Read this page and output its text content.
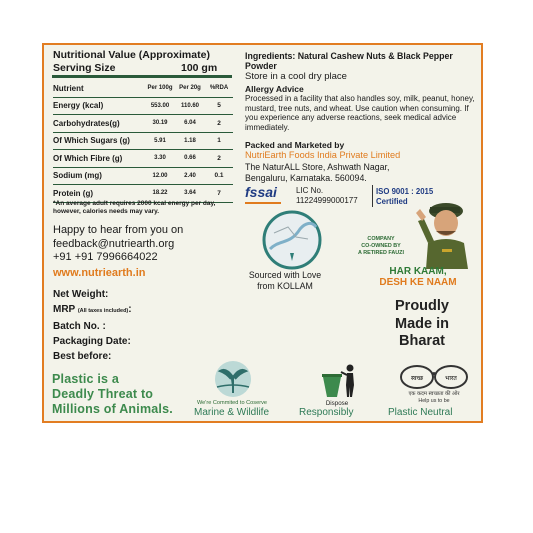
Nutritional Value (Approximate)
Serving Size	100 gm
Nutrient	Per 100g	Per 20g	%RDA
Energy (kcal)	553.00	110.60	5
Carbohydrates(g)	30.19	6.04	2
Of Which Sugars (g)	5.91	1.18	1
Of Which Fibre (g)	3.30	0.66	2
Sodium (mg)	12.00	2.40	0.1
Protein (g)	18.22	3.64	7
*An average adult requires 2000 kcal energy per day, however, calories needs may vary.
Happy to hear from you on
feedback@nutriearth.org
+91 +91 7996664022
www.nutriearth.in
Net Weight:
MRP (All taxes included):
Batch No. :
Packaging Date:
Best before:
Plastic is a
Deadly Threat to
Millions of Animals.
Ingredients: Natural Cashew Nuts & Black Pepper Powder
Store in a cool dry place
Allergy Advice
Processed in a facility that also handles soy, milk, peanut, honey, mustard, tree nuts, and wheat. Use caution when consuming. If you experience any adverse reactions, seek medical advice immediately.
Packed and Marketed by
NutriEarth Foods India Private Limited
The NaturALL Store, Ashwath Nagar,
Bengaluru, Karnataka. 560094.
fssai LIC No.
11224999000177
ISO 9001 : 2015
Certified
Sourced with Love
from KOLLAM
COMPANY
CO-OWNED BY
A RETIRED FAUZI
HAR KAAM,
DESH KE NAAM
Proudly
Made in
Bharat
We're Commited to Coserve
Marine & Wildlife
Dispose
Responsibly
स्वच्छ	भारत
एक कदम स्वच्छता की ओर
Help us to be
Plastic Neutral
